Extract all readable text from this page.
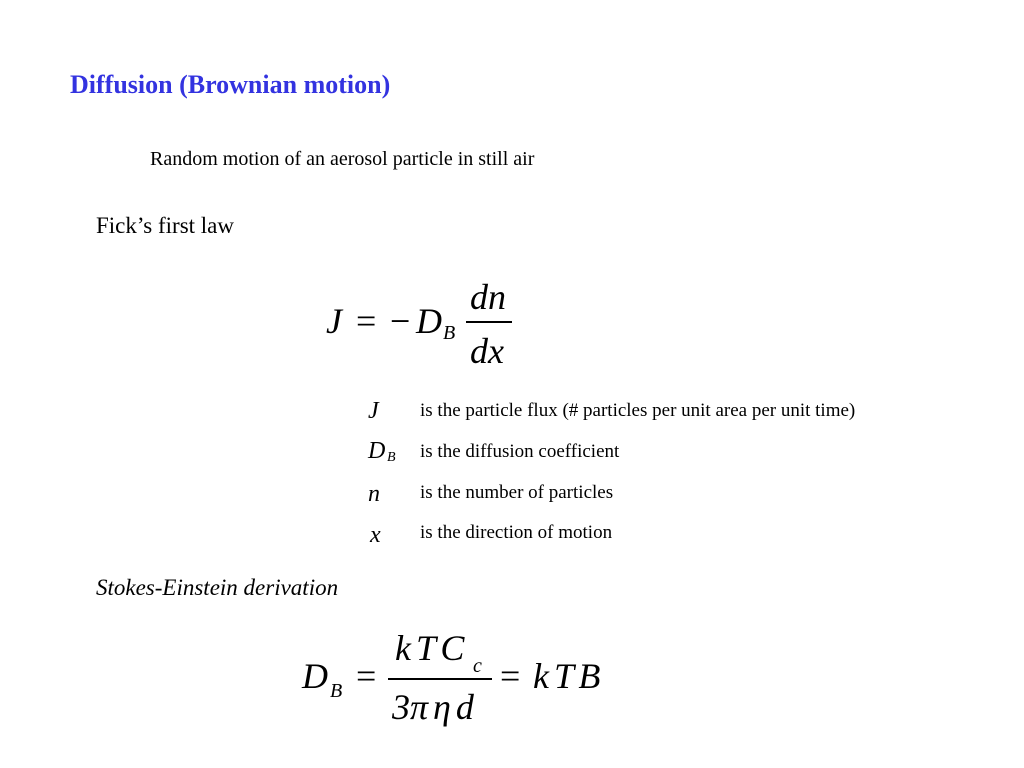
Diffusion (Brownian motion)
Random motion of an aerosol particle in still air
Fick’s first law
J = − D B
dn
dx
J is the particle flux (# particles per unit area per unit time)
D B is the diffusion coefficient
n is the number of particles
x is the direction of motion
Stokes-Einstein derivation
D B =
k T C c
3π η d
= k T B
